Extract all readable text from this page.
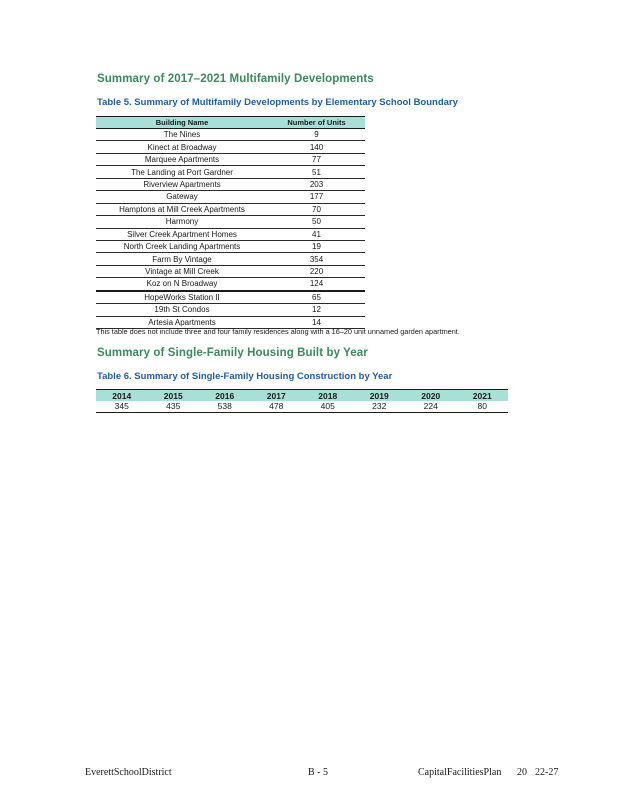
Summary of 2017–2021 Multifamily Developments
Table 5. Summary of Multifamily Developments by Elementary School Boundary
Building Name	Number of Units
The Nines	9
Kinect at Broadway	140
Marquee Apartments	77
The Landing at Port Gardner	51
Riverview Apartments	203
Gateway	177
Hamptons at Mill Creek Apartments	70
Harmony	50
Silver Creek Apartment Homes	41
North Creek Landing Apartments	19
Farm By Vintage	354
Vintage at Mill Creek	220
Koz on N Broadway	124
HopeWorks Station II	65
19th St Condos	12
Artesia Apartments	14
This table does not include three and four family residences along with a 16–20 unit unnamed garden apartment.
Summary of Single-Family Housing Built by Year
Table 6. Summary of Single-Family Housing Construction by Year
2014	2015	2016	2017	2018	2019	2020	2021
345	435	538	478	405	232	224	80
EverettSchoolDistrict	B - 5	CapitalFacilitiesPlan 20 22-27
